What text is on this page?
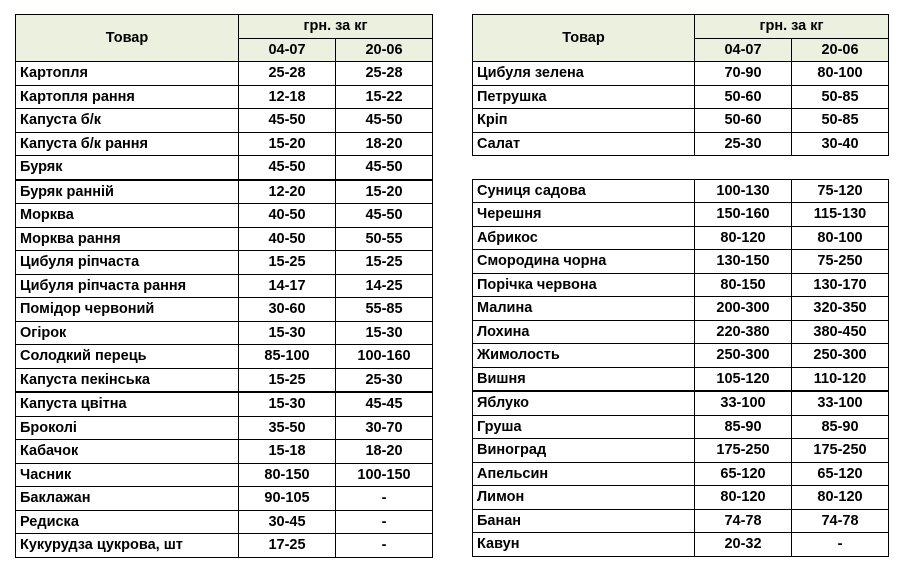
Товар	грн. за кг	
	04-07	20-06
Картопля	25-28	25-28
Картопля рання	12-18	15-22
Капуста б/к	45-50	45-50
Капуста б/к рання	15-20	18-20
Буряк	45-50	45-50
Буряк ранній	12-20	15-20
Морква	40-50	45-50
Морква рання	40-50	50-55
Цибуля ріпчаста	15-25	15-25
Цибуля ріпчаста рання	14-17	14-25
Помідор червоний	30-60	55-85
Огірок	15-30	15-30
Солодкий перець	85-100	100-160
Капуста пекінська	15-25	25-30
Капуста цвітна	15-30	45-45
Броколі	35-50	30-70
Кабачок	15-18	18-20
Часник	80-150	100-150
Баклажан	90-105	-
Редиска	30-45	-
Кукурудза цукрова, шт	17-25	-
Товар	грн. за кг	
	04-07	20-06
Цибуля зелена	70-90	80-100
Петрушка	50-60	50-85
Кріп	50-60	50-85
Салат	25-30	30-40

Суниця садова	100-130	75-120
Черешня	150-160	115-130
Абрикос	80-120	80-100
Смородина чорна	130-150	75-250
Порічка червона	80-150	130-170
Малина	200-300	320-350
Лохина	220-380	380-450
Жимолость	250-300	250-300
Вишня	105-120	110-120
Яблуко	33-100	33-100
Груша	85-90	85-90
Виноград	175-250	175-250
Апельсин	65-120	65-120
Лимон	80-120	80-120
Банан	74-78	74-78
Кавун	20-32	-
